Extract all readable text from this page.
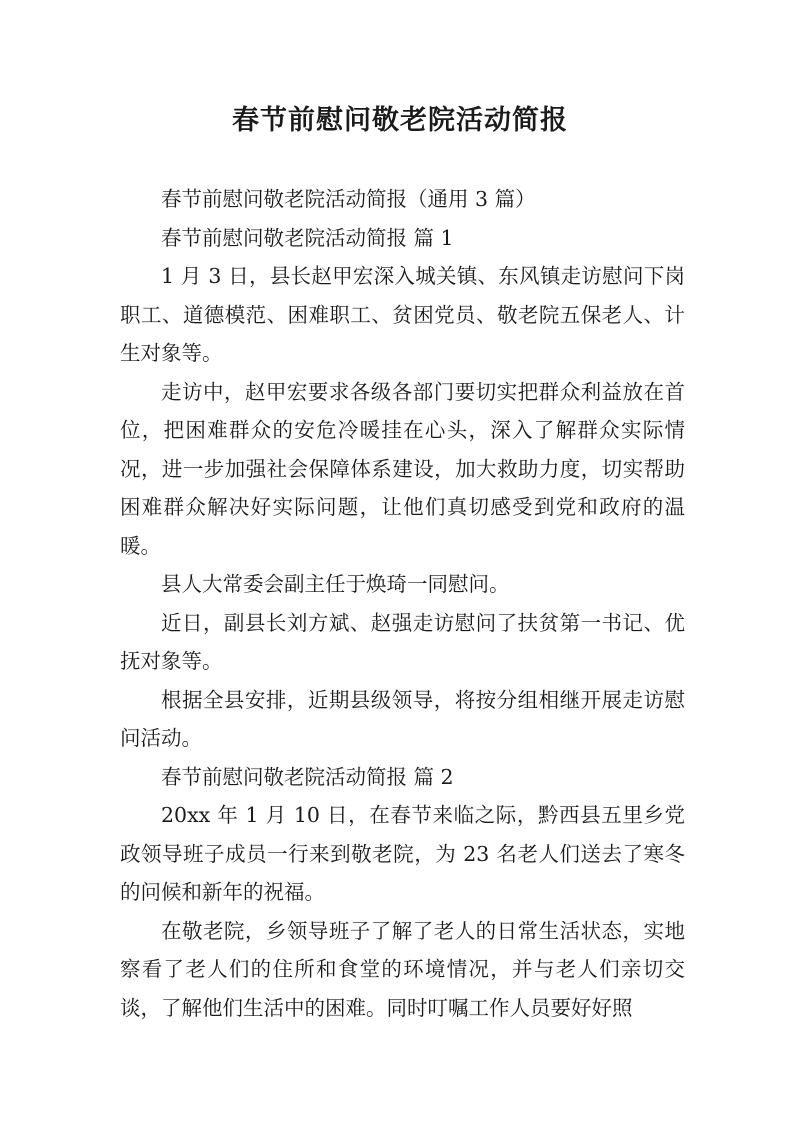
春节前慰问敬老院活动简报

春节前慰问敬老院活动简报（通用 3 篇）

春节前慰问敬老院活动简报 篇 1

1 月 3 日，县长赵甲宏深入城关镇、东风镇走访慰问下岗职工、道德模范、困难职工、贫困党员、敬老院五保老人、计生对象等。

走访中，赵甲宏要求各级各部门要切实把群众利益放在首位，把困难群众的安危冷暖挂在心头，深入了解群众实际情况，进一步加强社会保障体系建设，加大救助力度，切实帮助困难群众解决好实际问题，让他们真切感受到党和政府的温暖。

县人大常委会副主任于焕琦一同慰问。

近日，副县长刘方斌、赵强走访慰问了扶贫第一书记、优抚对象等。

根据全县安排，近期县级领导，将按分组相继开展走访慰问活动。

春节前慰问敬老院活动简报 篇 2

20xx 年 1 月 10 日，在春节来临之际，黔西县五里乡党政领导班子成员一行来到敬老院，为 23 名老人们送去了寒冬的问候和新年的祝福。

在敬老院，乡领导班子了解了老人的日常生活状态，实地察看了老人们的住所和食堂的环境情况，并与老人们亲切交谈，了解他们生活中的困难。同时叮嘱工作人员要好好照
